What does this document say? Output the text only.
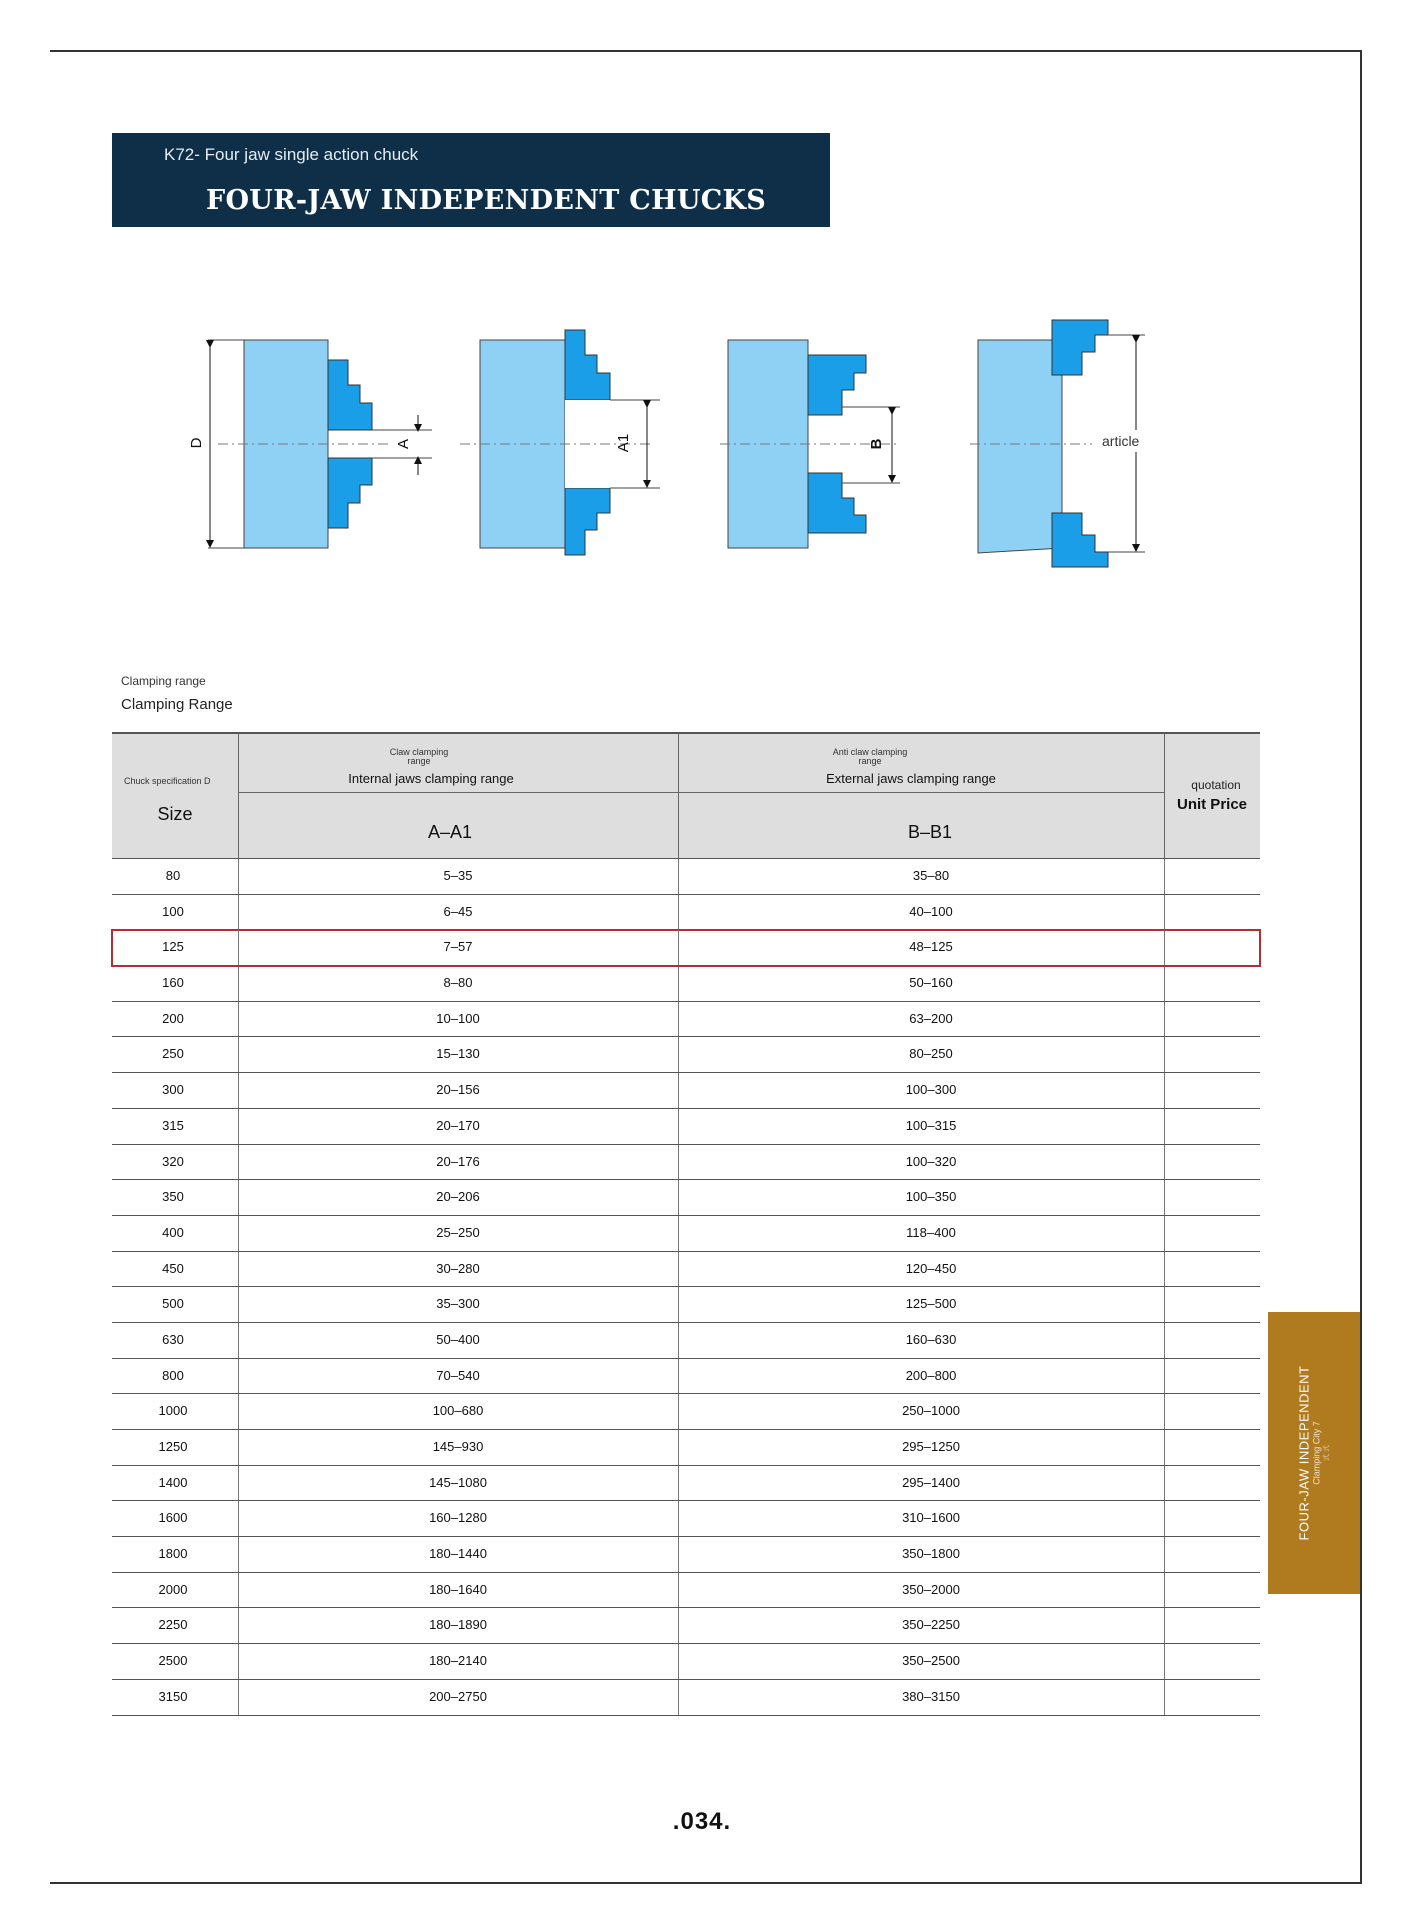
K72- Four jaw single action chuck
FOUR-JAW INDEPENDENT CHUCKS
D	A	A1	B	article
Clamping range
Clamping Range
Chuck specification D
Size
Claw clamping range
Internal jaws clamping range
A–A1
Anti claw clamping range
External jaws clamping range
B–B1
quotation
Unit Price
80	5–35	35–80
100	6–45	40–100
125	7–57	48–125
160	8–80	50–160
200	10–100	63–200
250	15–130	80–250
300	20–156	100–300
315	20–170	100–315
320	20–176	100–320
350	20–206	100–350
400	25–250	118–400
450	30–280	120–450
500	35–300	125–500
630	50–400	160–630
800	70–540	200–800
1000	100–680	250–1000
1250	145–930	295–1250
1400	145–1080	295–1400
1600	160–1280	310–1600
1800	180–1440	350–1800
2000	180–1640	350–2000
2250	180–1890	350–2250
2500	180–2140	350–2500
3150	200–2750	380–3150
FOUR-JAW INDEPENDENT Clamping City 7 式 式
.034.
